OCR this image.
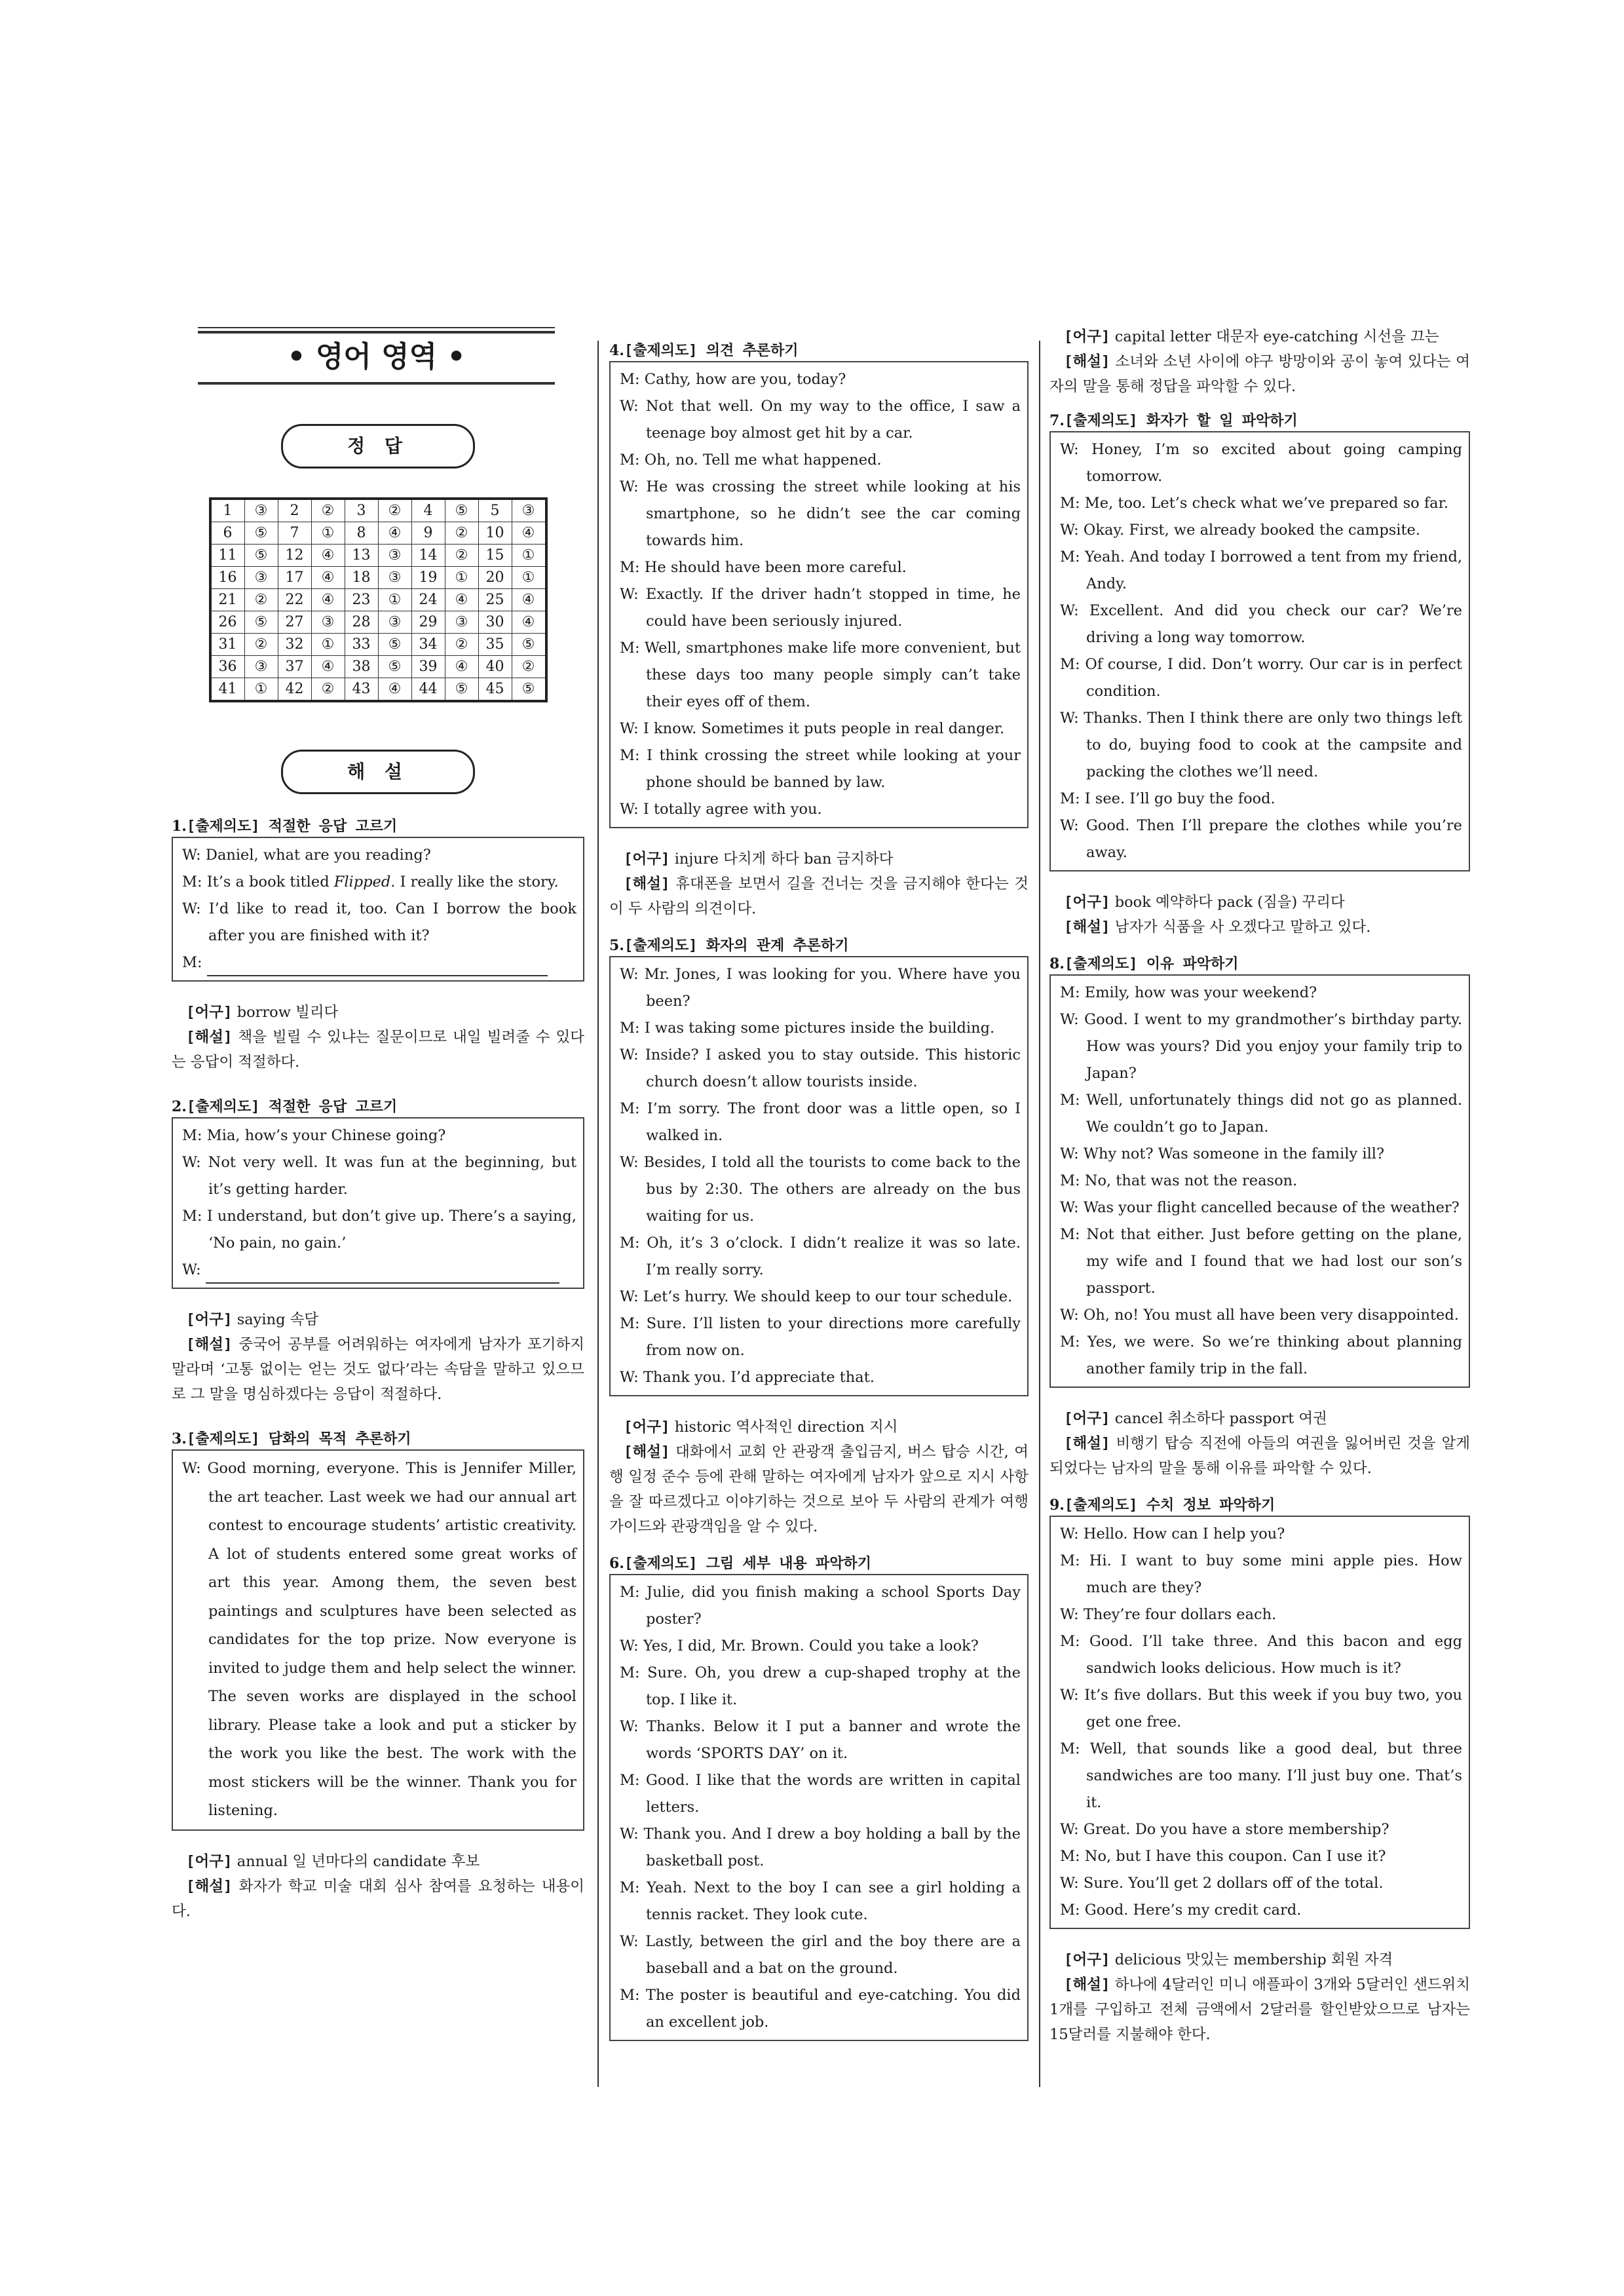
• 영어 영역 •
정 답
1	③	2	②	3	②	4	⑤	5	③
6	⑤	7	①	8	④	9	②	10	④
11	⑤	12	④	13	③	14	②	15	①
16	③	17	④	18	③	19	①	20	①
21	②	22	④	23	①	24	④	25	④
26	⑤	27	③	28	③	29	③	30	④
31	②	32	①	33	⑤	34	②	35	⑤
36	③	37	④	38	⑤	39	④	40	②
41	①	42	②	43	④	44	⑤	45	⑤
해 설

1.[출제의도] 적절한 응답 고르기

W: Daniel, what are you reading?
M: It’s a book titled Flipped. I really like the story.
W: I’d like to read it, too. Can I borrow the book after you are finished with it?
M:

[어구] borrow 빌리다

[해설] 책을 빌릴 수 있냐는 질문이므로 내일 빌려줄 수 있다는 응답이 적절하다.

2.[출제의도] 적절한 응답 고르기

M: Mia, how’s your Chinese going?
W: Not very well. It was fun at the beginning, but it’s getting harder.
M: I understand, but don’t give up. There’s a saying, ‘No pain, no gain.’
W:

[어구] saying 속담

[해설] 중국어 공부를 어려워하는 여자에게 남자가 포기하지 말라며 ‘고통 없이는 얻는 것도 없다’라는 속담을 말하고 있으므로 그 말을 명심하겠다는 응답이 적절하다.

3.[출제의도] 담화의 목적 추론하기

W: Good morning, everyone. This is Jennifer Miller, the art teacher. Last week we had our annual art contest to encourage students’ artistic creativity. A lot of students entered some great works of art this year. Among them, the seven best paintings and sculptures have been selected as candidates for the top prize. Now everyone is invited to judge them and help select the winner. The seven works are displayed in the school library. Please take a look and put a sticker by the work you like the best. The work with the most stickers will be the winner. Thank you for listening.

[어구] annual 일 년마다의 candidate 후보

[해설] 화자가 학교 미술 대회 심사 참여를 요청하는 내용이다.

4.[출제의도] 의견 추론하기

M: Cathy, how are you, today?
W: Not that well. On my way to the office, I saw a teenage boy almost get hit by a car.
M: Oh, no. Tell me what happened.
W: He was crossing the street while looking at his smartphone, so he didn’t see the car coming towards him.
M: He should have been more careful.
W: Exactly. If the driver hadn’t stopped in time, he could have been seriously injured.
M: Well, smartphones make life more convenient, but these days too many people simply can’t take their eyes off of them.
W: I know. Sometimes it puts people in real danger.
M: I think crossing the street while looking at your phone should be banned by law.
W: I totally agree with you.

[어구] injure 다치게 하다 ban 금지하다

[해설] 휴대폰을 보면서 길을 건너는 것을 금지해야 한다는 것이 두 사람의 의견이다.

5.[출제의도] 화자의 관계 추론하기

W: Mr. Jones, I was looking for you. Where have you been?
M: I was taking some pictures inside the building.
W: Inside? I asked you to stay outside. This historic church doesn’t allow tourists inside.
M: I’m sorry. The front door was a little open, so I walked in.
W: Besides, I told all the tourists to come back to the bus by 2:30. The others are already on the bus waiting for us.
M: Oh, it’s 3 o’clock. I didn’t realize it was so late. I’m really sorry.
W: Let’s hurry. We should keep to our tour schedule.
M: Sure. I’ll listen to your directions more carefully from now on.
W: Thank you. I’d appreciate that.

[어구] historic 역사적인 direction 지시

[해설] 대화에서 교회 안 관광객 출입금지, 버스 탑승 시간, 여행 일정 준수 등에 관해 말하는 여자에게 남자가 앞으로 지시 사항을 잘 따르겠다고 이야기하는 것으로 보아 두 사람의 관계가 여행 가이드와 관광객임을 알 수 있다.

6.[출제의도] 그림 세부 내용 파악하기

M: Julie, did you finish making a school Sports Day poster?
W: Yes, I did, Mr. Brown. Could you take a look?
M: Sure. Oh, you drew a cup-shaped trophy at the top. I like it.
W: Thanks. Below it I put a banner and wrote the words ‘SPORTS DAY’ on it.
M: Good. I like that the words are written in capital letters.
W: Thank you. And I drew a boy holding a ball by the basketball post.
M: Yeah. Next to the boy I can see a girl holding a tennis racket. They look cute.
W: Lastly, between the girl and the boy there are a baseball and a bat on the ground.
M: The poster is beautiful and eye-catching. You did an excellent job.

[어구] capital letter 대문자 eye-catching 시선을 끄는

[해설] 소녀와 소년 사이에 야구 방망이와 공이 놓여 있다는 여자의 말을 통해 정답을 파악할 수 있다.

7.[출제의도] 화자가 할 일 파악하기

W: Honey, I’m so excited about going camping tomorrow.
M: Me, too. Let’s check what we’ve prepared so far.
W: Okay. First, we already booked the campsite.
M: Yeah. And today I borrowed a tent from my friend, Andy.
W: Excellent. And did you check our car? We’re driving a long way tomorrow.
M: Of course, I did. Don’t worry. Our car is in perfect condition.
W: Thanks. Then I think there are only two things left to do, buying food to cook at the campsite and packing the clothes we’ll need.
M: I see. I’ll go buy the food.
W: Good. Then I’ll prepare the clothes while you’re away.

[어구] book 예약하다 pack (짐을) 꾸리다

[해설] 남자가 식품을 사 오겠다고 말하고 있다.

8.[출제의도] 이유 파악하기

M: Emily, how was your weekend?
W: Good. I went to my grandmother’s birthday party. How was yours? Did you enjoy your family trip to Japan?
M: Well, unfortunately things did not go as planned. We couldn’t go to Japan.
W: Why not? Was someone in the family ill?
M: No, that was not the reason.
W: Was your flight cancelled because of the weather?
M: Not that either. Just before getting on the plane, my wife and I found that we had lost our son’s passport.
W: Oh, no! You must all have been very disappointed.
M: Yes, we were. So we’re thinking about planning another family trip in the fall.

[어구] cancel 취소하다 passport 여권

[해설] 비행기 탑승 직전에 아들의 여권을 잃어버린 것을 알게 되었다는 남자의 말을 통해 이유를 파악할 수 있다.

9.[출제의도] 수치 정보 파악하기

W: Hello. How can I help you?
M: Hi. I want to buy some mini apple pies. How much are they?
W: They’re four dollars each.
M: Good. I’ll take three. And this bacon and egg sandwich looks delicious. How much is it?
W: It’s five dollars. But this week if you buy two, you get one free.
M: Well, that sounds like a good deal, but three sandwiches are too many. I’ll just buy one. That’s it.
W: Great. Do you have a store membership?
M: No, but I have this coupon. Can I use it?
W: Sure. You’ll get 2 dollars off of the total.
M: Good. Here’s my credit card.

[어구] delicious 맛있는 membership 회원 자격

[해설] 하나에 4달러인 미니 애플파이 3개와 5달러인 샌드위치 1개를 구입하고 전체 금액에서 2달러를 할인받았으므로 남자는 15달러를 지불해야 한다.
